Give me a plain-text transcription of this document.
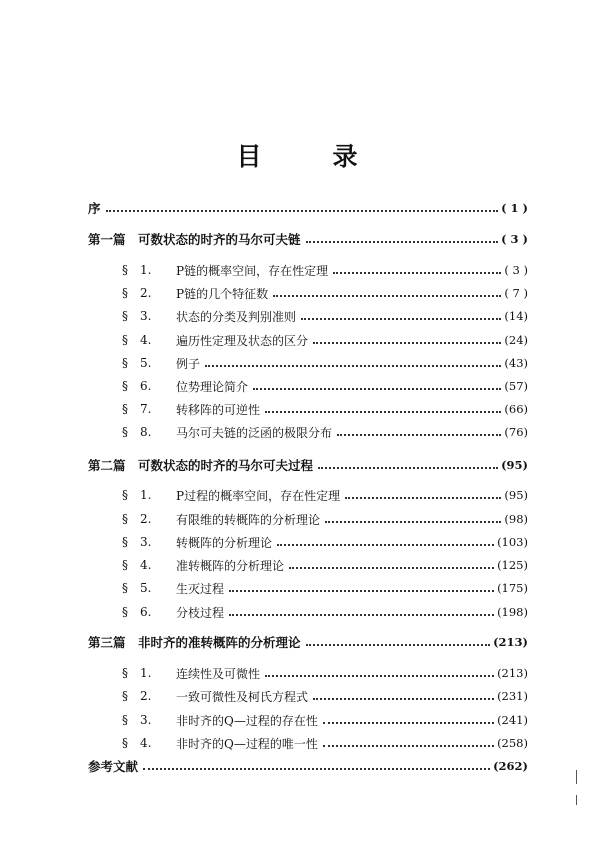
目	录
序	( 1 )
第一篇　可数状态的时齐的马尔可夫链	( 3 )
§	1.	P链的概率空间，存在性定理	( 3 )
§	2.	P链的几个特征数	( 7 )
§	3.	状态的分类及判别准则	(14)
§	4.	遍历性定理及状态的区分	(24)
§	5.	例子	(43)
§	6.	位势理论简介	(57)
§	7.	转移阵的可逆性	(66)
§	8.	马尔可夫链的泛函的极限分布	(76)
第二篇　可数状态的时齐的马尔可夫过程	(95)
§	1.	P过程的概率空间，存在性定理	(95)
§	2.	有限维的转概阵的分析理论	(98)
§	3.	转概阵的分析理论	(103)
§	4.	准转概阵的分析理论	(125)
§	5.	生灭过程	(175)
§	6.	分枝过程	(198)
第三篇　非时齐的准转概阵的分析理论	(213)
§	1.	连续性及可微性	(213)
§	2.	一致可微性及柯氏方程式	(231)
§	3.	非时齐的Q—过程的存在性	(241)
§	4.	非时齐的Q—过程的唯一性	(258)
参考文献	(262)
